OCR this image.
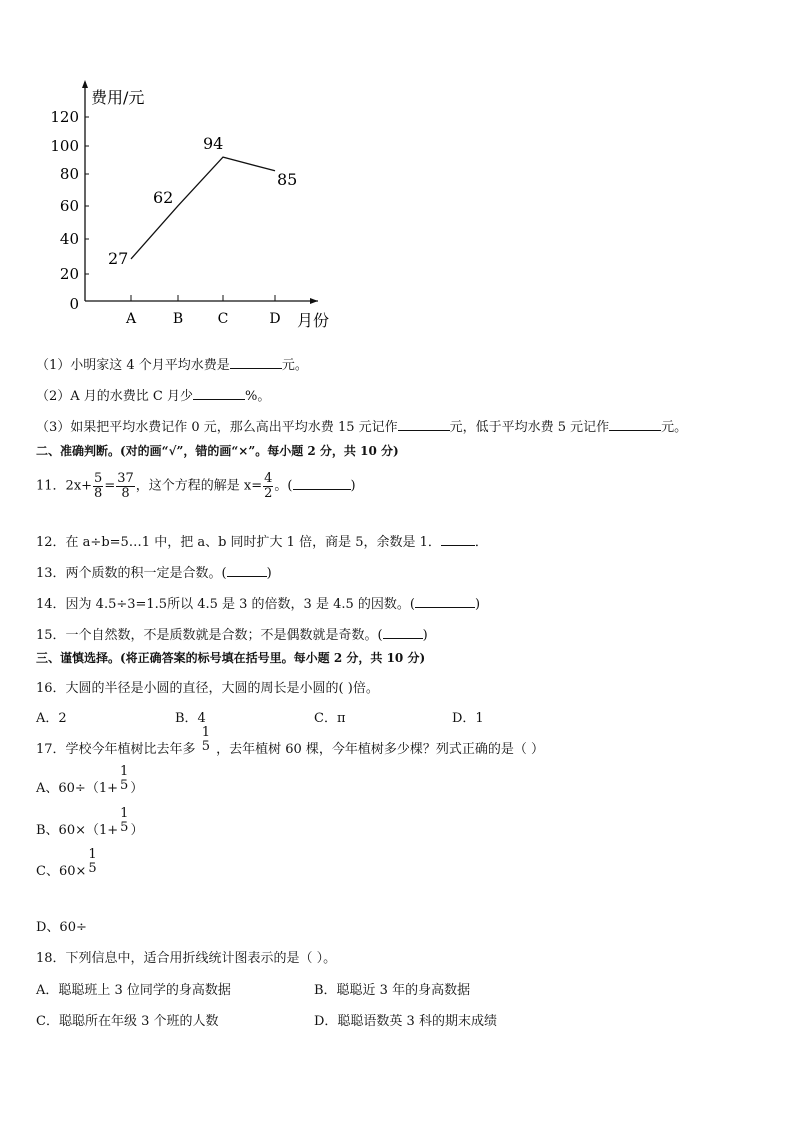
费用/元
月份
0
20
40
60
80
100
120
A	B C	D
27
62
94
85
（1）小明家这 4 个月平均水费是	元。
（2）A 月的水费比 C 月少	%。
（3）如果把平均水费记作 0 元，那么高出平均水费 15 元记作	元，低于平均水费 5 元记作	元。
二、准确判断。(对的画“√”，错的画“×”。每小题 2 分，共 10 分)
11．$2x+ \frac{5}{8} = \frac{37}{8}$ ，这个方程的解是 $x= \frac{4}{2}$ 。(	)
12．在 a÷b=5…1 中，把 a、b 同时扩大 1 倍，商是 5，余数是 1．	．
13．两个质数的积一定是合数。(	)
14．因为 4.5÷3=1.5所以 4.5 是 3 的倍数，3 是 4.5 的因数。(	)
15．一个自然数，不是质数就是合数；不是偶数就是奇数。(	)
三、谨慎选择。(将正确答案的标号填在括号里。每小题 2 分，共 10 分)
16．大圆的半径是小圆的直径，大圆的周长是小圆的( )倍。
A．2	B．4	C．π	D．1
17．学校今年植树比去年多
1
5 ，去年植树 60 棵，今年植树多少棵？列式正确的是（ ）
A、60÷（1+
1
5 ）
B、60×（1+
1
5 ）
C、60×
1
5
D、60÷
18．下列信息中，适合用折线统计图表示的是（ ）。
A．聪聪班上 3 位同学的身高数据	B．聪聪近 3 年的身高数据
C．聪聪所在年级 3 个班的人数	D．聪聪语数英 3 科的期末成绩
